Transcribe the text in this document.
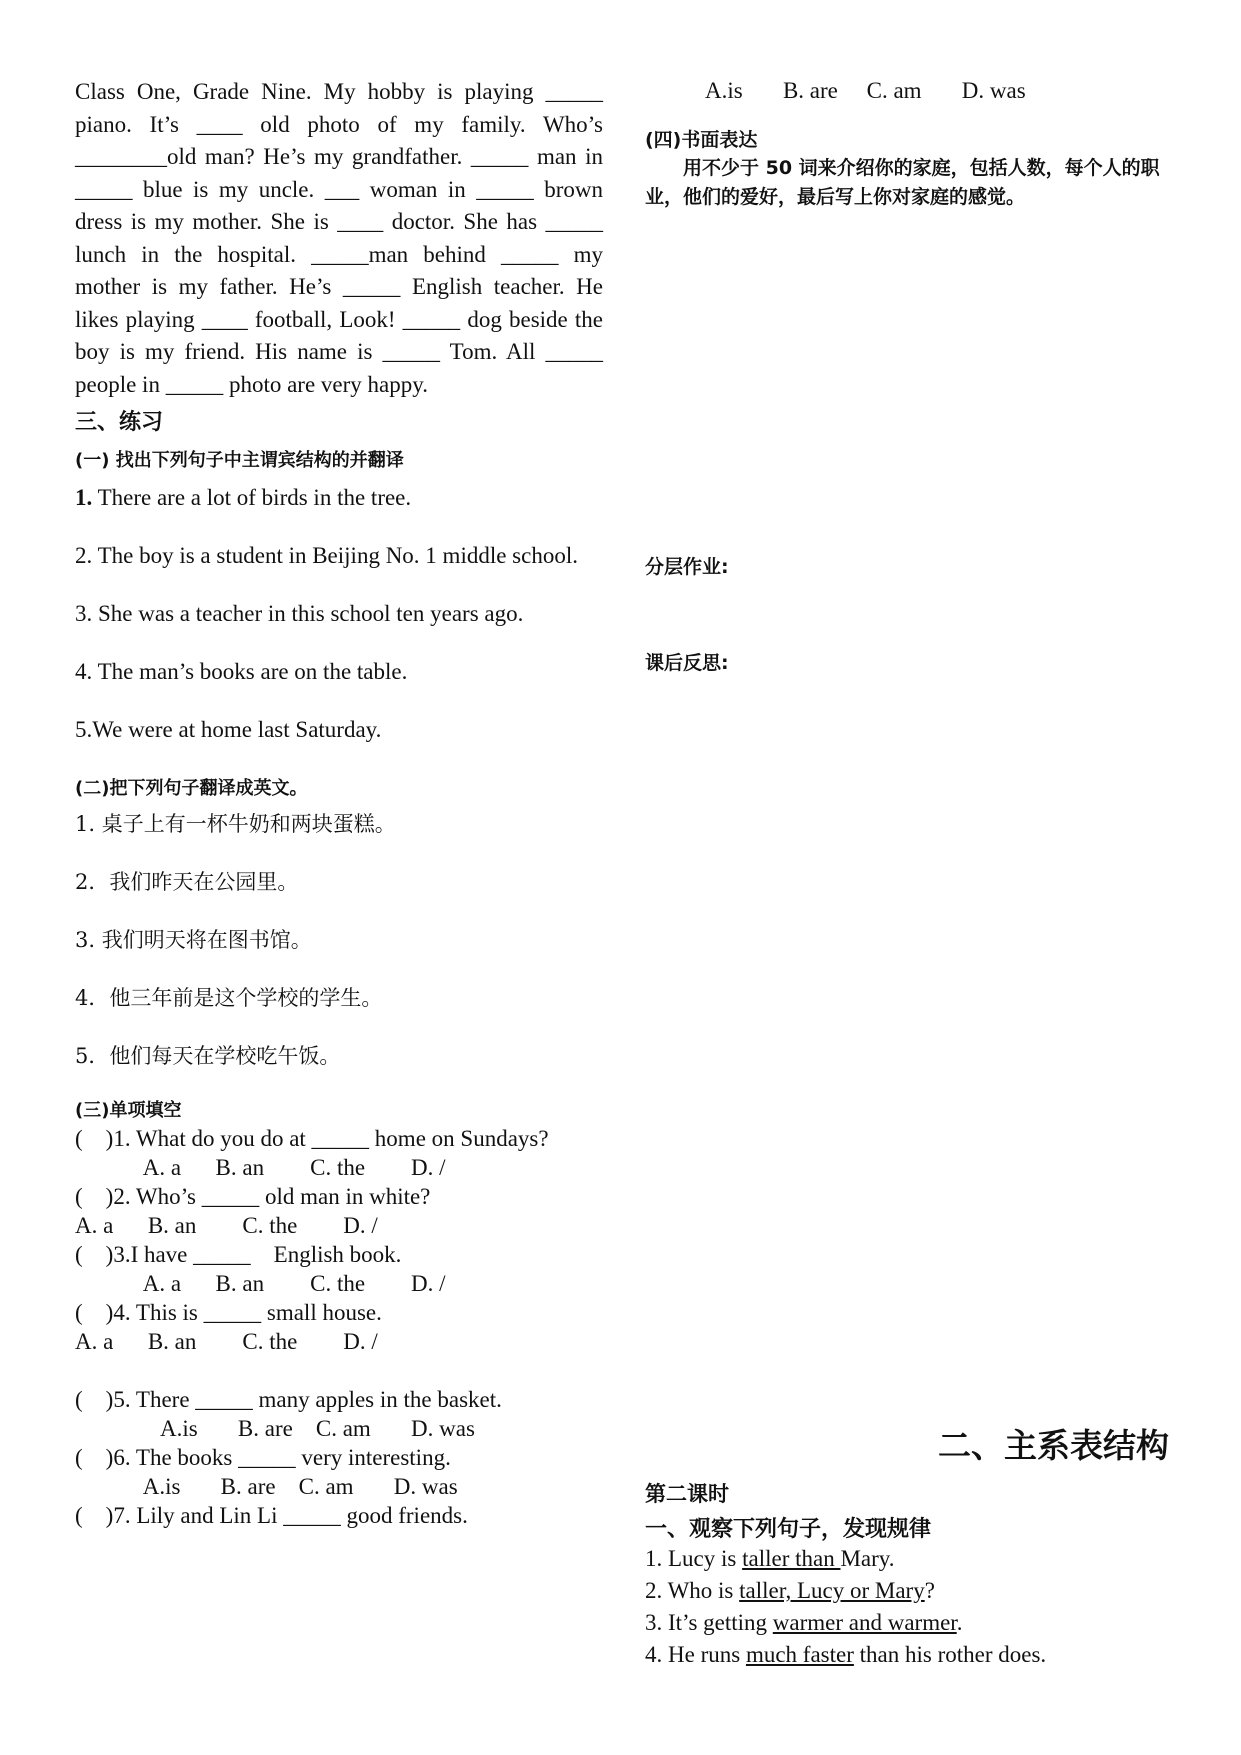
Class One, Grade Nine. My hobby is playing _____ piano. It’s ____ old photo of my family. Who’s ________old man? He’s my grandfather. _____ man in _____ blue is my uncle. ___ woman in _____ brown dress is my mother. She is ____ doctor. She has _____ lunch in the hospital. _____man behind _____ my mother is my father. He’s _____ English teacher. He likes playing ____ football, Look! _____ dog beside the boy is my friend. His name is _____ Tom. All _____ people in _____ photo are very happy.

三、练习
(一) 找出下列句子中主谓宾结构的并翻译

1. There are a lot of birds in the tree.

2. The boy is a student in Beijing No. 1 middle school.

3. She was a teacher in this school ten years ago.

4. The man’s books are on the table.

5.We were at home last Saturday.

(二)把下列句子翻译成英文。

1. 桌子上有一杯牛奶和两块蛋糕。

2．我们昨天在公园里。

3. 我们明天将在图书馆。

4．他三年前是这个学校的学生。

5．他们每天在学校吃午饭。

(三)单项填空

(    )1. What do you do at _____ home on Sundays?

A. a      B. an        C. the        D. /

(    )2. Who’s _____ old man in white?

A. a      B. an        C. the        D. /

(    )3.I have _____    English book.

A. a      B. an        C. the        D. /

(    )4. This is _____ small house.

A. a      B. an        C. the        D. /

(    )5. There _____ many apples in the basket.

A.is       B. are    C. am       D. was

(    )6. The books _____ very interesting.

A.is       B. are    C. am       D. was

(    )7. Lily and Lin Li _____ good friends.

A.is       B. are     C. am       D. was

(四)书面表达

用不少于 50 词来介绍你的家庭，包括人数，每个人的职业，他们的爱好，最后写上你对家庭的感觉。

分层作业:
课后反思:
第二课时
一、观察下列句子，发现规律

1. Lucy is taller than Mary.

2. Who is taller, Lucy or Mary?

3. It’s getting warmer and warmer.

4. He runs much faster than his rother does.

二、主系表结构
